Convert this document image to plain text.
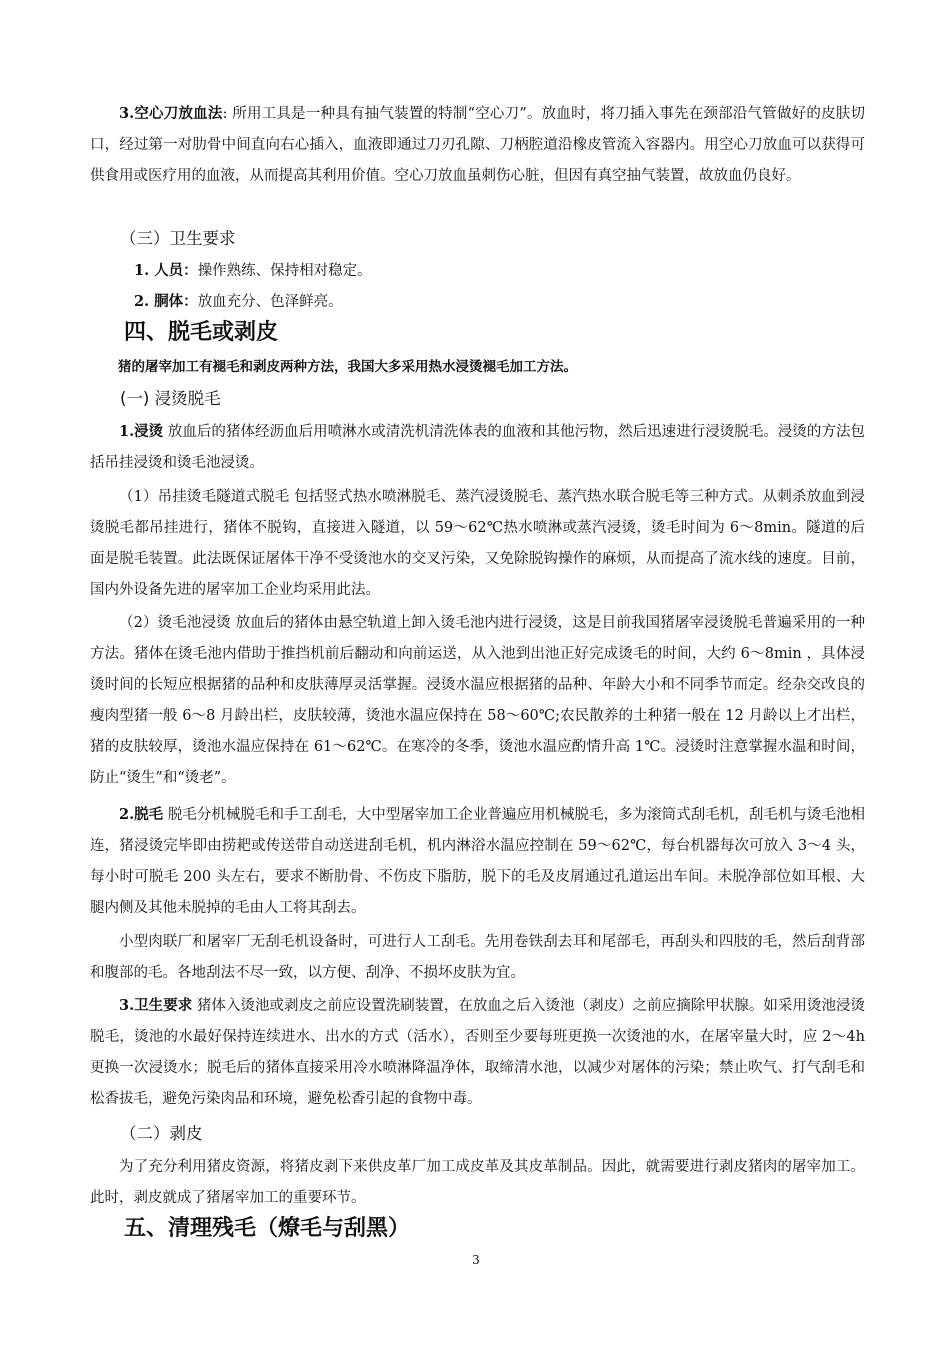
3.空心刀放血法: 所用工具是一种具有抽气装置的特制“空心刀”。放血时，将刀插入事先在颈部沿气管做好的皮肤切口，经过第一对肋骨中间直向右心插入，血液即通过刀刃孔隙、刀柄腔道沿橡皮管流入容器内。用空心刀放血可以获得可供食用或医疗用的血液，从而提高其利用价值。空心刀放血虽刺伤心脏，但因有真空抽气装置，故放血仍良好。

（三）卫生要求
1. 人员：操作熟练、保持相对稳定。
2. 胴体：放血充分、色泽鲜亮。
四、脱毛或剥皮
猪的屠宰加工有褪毛和剥皮两种方法，我国大多采用热水浸烫褪毛加工方法。
(一) 浸烫脱毛

1.浸烫 放血后的猪体经沥血后用喷淋水或清洗机清洗体表的血液和其他污物，然后迅速进行浸烫脱毛。浸烫的方法包括吊挂浸烫和烫毛池浸烫。

（1）吊挂烫毛隧道式脱毛 包括竖式热水喷淋脱毛、蒸汽浸烫脱毛、蒸汽热水联合脱毛等三种方式。从刺杀放血到浸烫脱毛都吊挂进行，猪体不脱钩，直接进入隧道，以 59～62℃热水喷淋或蒸汽浸烫，烫毛时间为 6～8min。隧道的后面是脱毛装置。此法既保证屠体干净不受烫池水的交叉污染，又免除脱钩操作的麻烦，从而提高了流水线的速度。目前，国内外设备先进的屠宰加工企业均采用此法。

（2）烫毛池浸烫 放血后的猪体由悬空轨道上卸入烫毛池内进行浸烫，这是目前我国猪屠宰浸烫脱毛普遍采用的一种方法。猪体在烫毛池内借助于推挡机前后翻动和向前运送，从入池到出池正好完成烫毛的时间，大约 6～8min ，具体浸烫时间的长短应根据猪的品种和皮肤薄厚灵活掌握。浸烫水温应根据猪的品种、年龄大小和不同季节而定。经杂交改良的瘦肉型猪一般 6～8 月龄出栏，皮肤较薄，烫池水温应保持在 58～60℃;农民散养的土种猪一般在 12 月龄以上才出栏，猪的皮肤较厚，烫池水温应保持在 61～62℃。在寒冷的冬季，烫池水温应酌情升高 1℃。浸烫时注意掌握水温和时间，防止“烫生”和“烫老”。

2.脱毛 脱毛分机械脱毛和手工刮毛，大中型屠宰加工企业普遍应用机械脱毛，多为滚筒式刮毛机，刮毛机与烫毛池相连，猪浸烫完毕即由捞耙或传送带自动送进刮毛机，机内淋浴水温应控制在 59～62℃，每台机器每次可放入 3～4 头，每小时可脱毛 200 头左右，要求不断肋骨、不伤皮下脂肪，脱下的毛及皮屑通过孔道运出车间。未脱净部位如耳根、大腿内侧及其他未脱掉的毛由人工将其刮去。

小型肉联厂和屠宰厂无刮毛机设备时，可进行人工刮毛。先用卷铁刮去耳和尾部毛，再刮头和四肢的毛，然后刮背部和腹部的毛。各地刮法不尽一致，以方便、刮净、不损坏皮肤为宜。

3.卫生要求 猪体入烫池或剥皮之前应设置洗刷装置，在放血之后入烫池（剥皮）之前应摘除甲状腺。如采用烫池浸烫脱毛，烫池的水最好保持连续进水、出水的方式（活水），否则至少要每班更换一次烫池的水，在屠宰量大时，应 2～4h 更换一次浸烫水；脱毛后的猪体直接采用冷水喷淋降温净体，取缔清水池，以减少对屠体的污染；禁止吹气、打气刮毛和松香拔毛，避免污染肉品和环境，避免松香引起的食物中毒。

（二）剥皮

为了充分利用猪皮资源，将猪皮剥下来供皮革厂加工成皮革及其皮革制品。因此，就需要进行剥皮猪肉的屠宰加工。此时，剥皮就成了猪屠宰加工的重要环节。

五、清理残毛（燎毛与刮黑）
3
